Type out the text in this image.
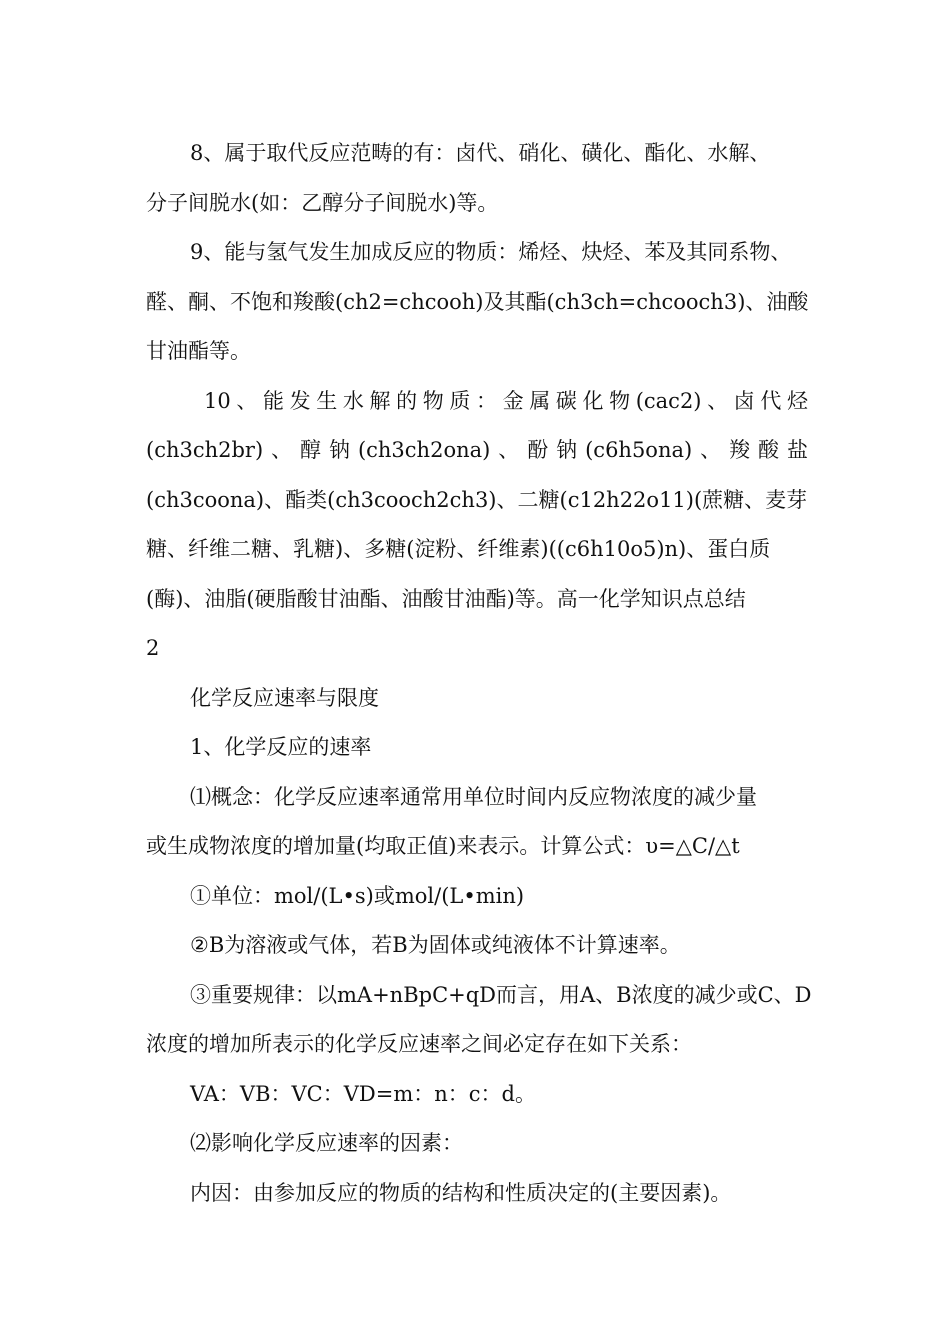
8、属于取代反应范畴的有：卤代、硝化、磺化、酯化、水解、
分子间脱水(如：乙醇分子间脱水)等。
9、能与氢气发生加成反应的物质：烯烃、炔烃、苯及其同系物、
醛、酮、不饱和羧酸(ch2=chcooh)及其酯(ch3ch=chcooch3)、油酸
甘油酯等。
10、能发生水解的物质：金属碳化物(cac2)、卤代烃
(ch3ch2br)、醇钠(ch3ch2ona)、酚钠(c6h5ona)、羧酸盐
(ch3coona)、酯类(ch3cooch2ch3)、二糖(c12h22o11)(蔗糖、麦芽
糖、纤维二糖、乳糖)、多糖(淀粉、纤维素)((c6h10o5)n)、蛋白质
(酶)、油脂(硬脂酸甘油酯、油酸甘油酯)等。高一化学知识点总结
2
化学反应速率与限度
1、化学反应的速率
⑴概念：化学反应速率通常用单位时间内反应物浓度的减少量
或生成物浓度的增加量(均取正值)来表示。计算公式：υ=△C/△t
①单位：mol/(L•s)或mol/(L•min)
②B为溶液或气体，若B为固体或纯液体不计算速率。
③重要规律：以mA+nBpC+qD而言，用A、B浓度的减少或C、D
浓度的增加所表示的化学反应速率之间必定存在如下关系：
VA：VB：VC：VD=m：n：c：d。
⑵影响化学反应速率的因素：
内因：由参加反应的物质的结构和性质决定的(主要因素)。
